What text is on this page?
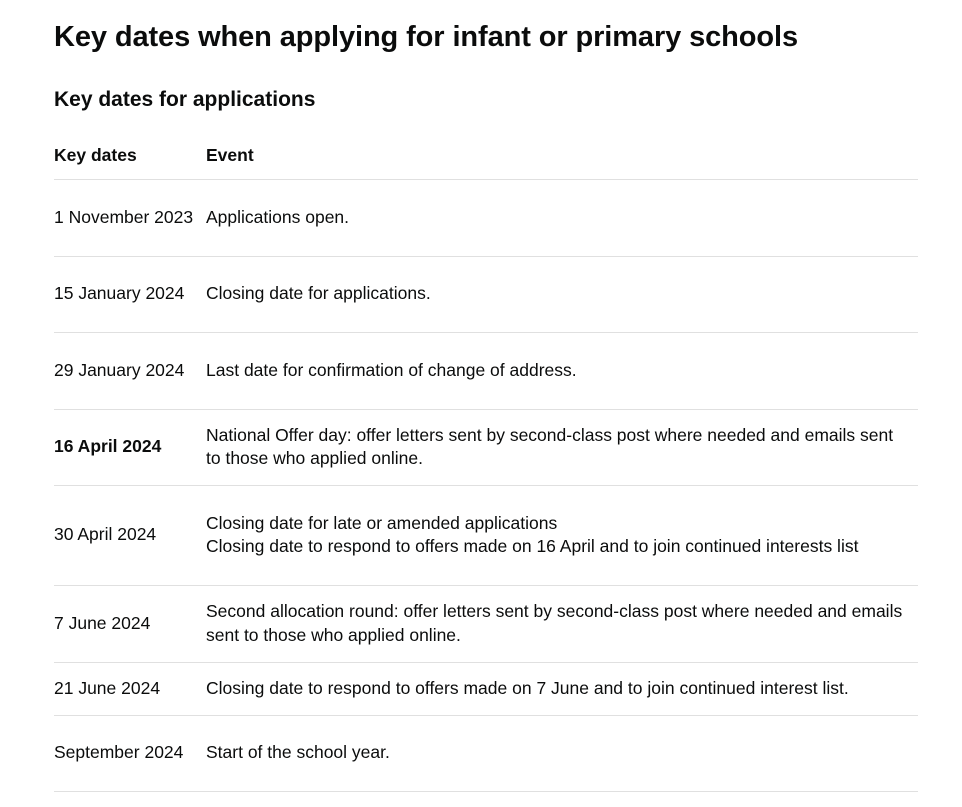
Key dates when applying for infant or primary schools
Key dates for applications
Key dates	Event
1 November 2023	Applications open.

15 January 2024	Closing date for applications.

29 January 2024	Last date for confirmation of change of address.

16 April 2024	National Offer day: offer letters sent by second-class post where needed and emails sent to those who applied online.

30 April 2024	Closing date for late or amended applications
Closing date to respond to offers made on 16 April and to join continued interests list

7 June 2024	Second allocation round: offer letters sent by second-class post where needed and emails sent to those who applied online.

21 June 2024	Closing date to respond to offers made on 7 June and to join continued interest list.

September 2024	Start of the school year.
